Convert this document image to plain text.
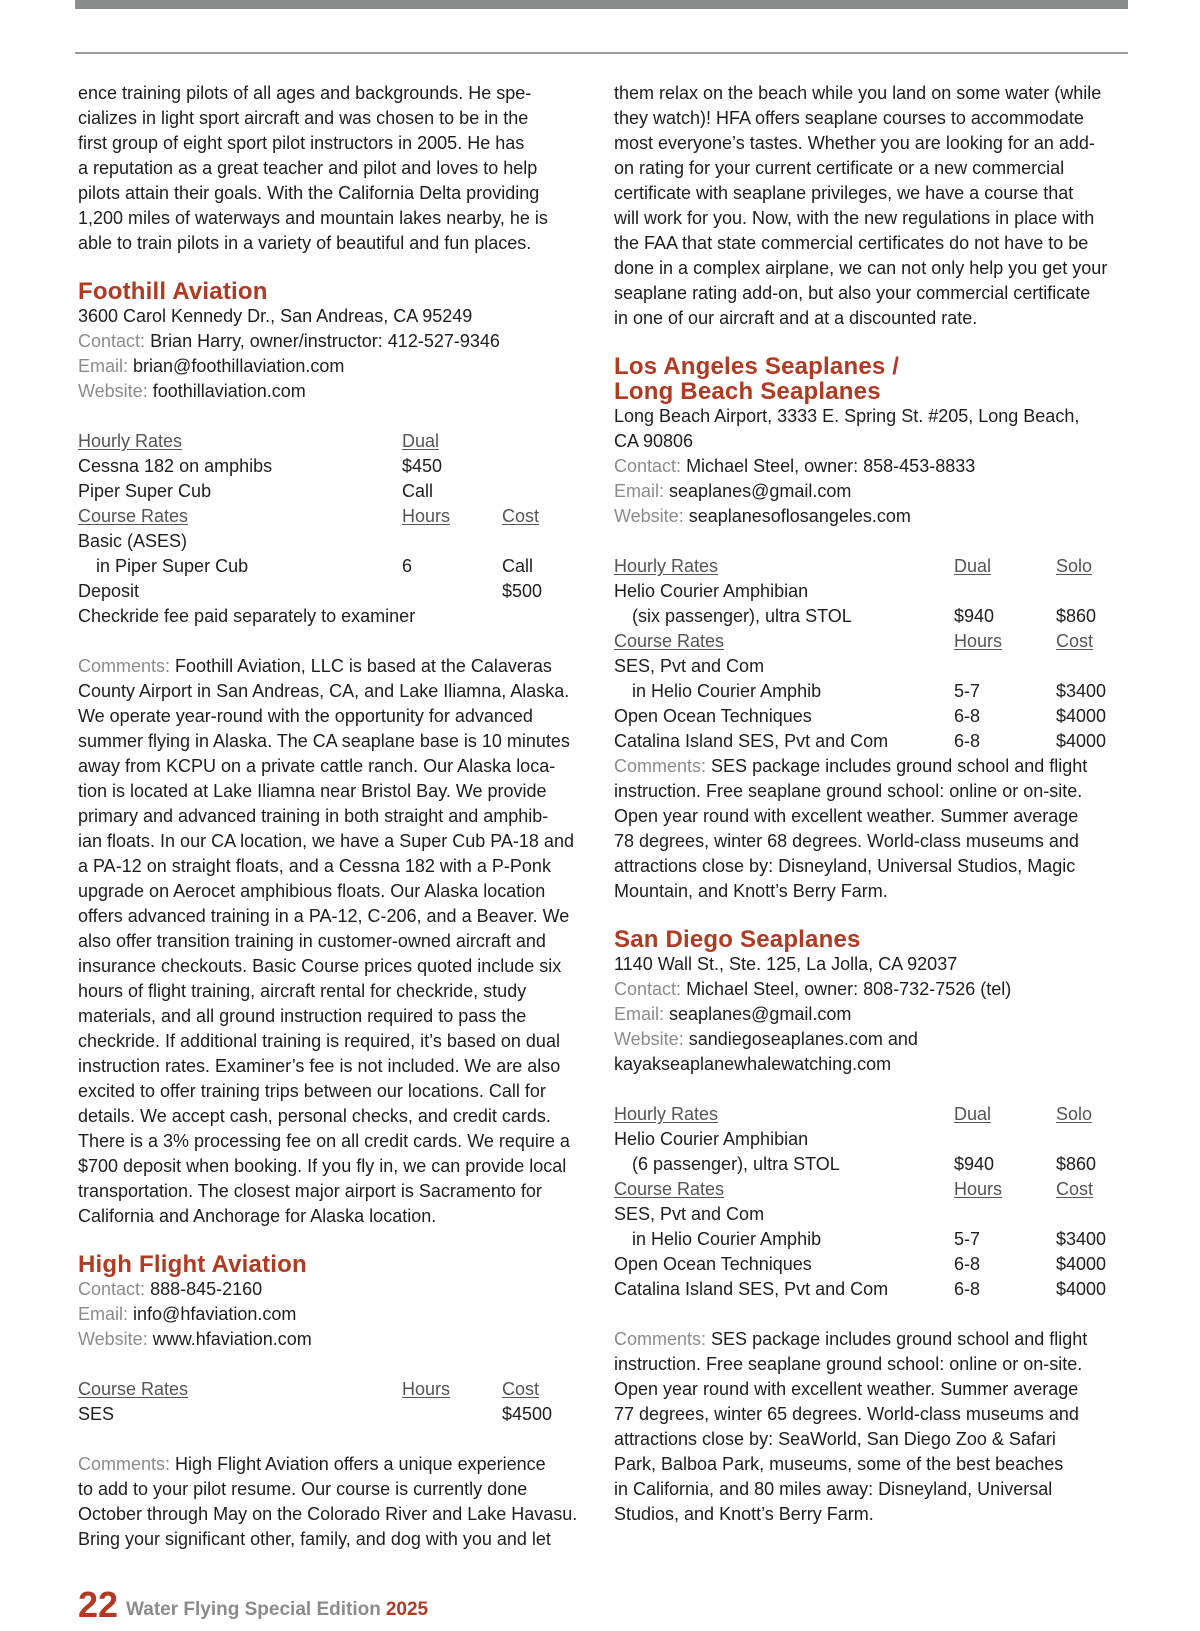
ence training pilots of all ages and backgrounds. He spe-

cializes in light sport aircraft and was chosen to be in the

first group of eight sport pilot instructors in 2005. He has

a reputation as a great teacher and pilot and loves to help

pilots attain their goals. With the California Delta providing

1,200 miles of waterways and mountain lakes nearby, he is

able to train pilots in a variety of beautiful and fun places.

Foothill Aviation

3600 Carol Kennedy Dr., San Andreas, CA 95249

Contact: Brian Harry, owner/instructor: 412-527-9346

Email: brian@foothillaviation.com

Website: foothillaviation.com

Hourly Rates	Dual
Cessna 182 on amphibs	$450
Piper Super Cub	Call
Course Rates	Hours	Cost
Basic (ASES)
in Piper Super Cub	6	Call
Deposit	$500
Checkride fee paid separately to examiner

Comments: Foothill Aviation, LLC is based at the Calaveras

County Airport in San Andreas, CA, and Lake Iliamna, Alaska.

We operate year-round with the opportunity for advanced

summer flying in Alaska. The CA seaplane base is 10 minutes

away from KCPU on a private cattle ranch. Our Alaska loca-

tion is located at Lake Iliamna near Bristol Bay. We provide

primary and advanced training in both straight and amphib-

ian floats. In our CA location, we have a Super Cub PA-18 and

a PA-12 on straight floats, and a Cessna 182 with a P-Ponk

upgrade on Aerocet amphibious floats. Our Alaska location

offers advanced training in a PA-12, C-206, and a Beaver. We

also offer transition training in customer-owned aircraft and

insurance checkouts. Basic Course prices quoted include six

hours of flight training, aircraft rental for checkride, study

materials, and all ground instruction required to pass the

checkride. If additional training is required, it’s based on dual

instruction rates. Examiner’s fee is not included. We are also

excited to offer training trips between our locations. Call for

details. We accept cash, personal checks, and credit cards.

There is a 3% processing fee on all credit cards. We require a

$700 deposit when booking. If you fly in, we can provide local

transportation. The closest major airport is Sacramento for

California and Anchorage for Alaska location.

High Flight Aviation

Contact: 888-845-2160

Email: info@hfaviation.com

Website: www.hfaviation.com

Course Rates	Hours	Cost
SES	$4500

Comments: High Flight Aviation offers a unique experience

to add to your pilot resume. Our course is currently done

October through May on the Colorado River and Lake Havasu.

Bring your significant other, family, and dog with you and let

them relax on the beach while you land on some water (while

they watch)! HFA offers seaplane courses to accommodate

most everyone’s tastes. Whether you are looking for an add-

on rating for your current certificate or a new commercial

certificate with seaplane privileges, we have a course that

will work for you. Now, with the new regulations in place with

the FAA that state commercial certificates do not have to be

done in a complex airplane, we can not only help you get your

seaplane rating add-on, but also your commercial certificate

in one of our aircraft and at a discounted rate.

Los Angeles Seaplanes /
Long Beach Seaplanes

Long Beach Airport, 3333 E. Spring St. #205, Long Beach,

CA 90806

Contact: Michael Steel, owner: 858-453-8833

Email: seaplanes@gmail.com

Website: seaplanesoflosangeles.com

Hourly Rates	Dual	Solo
Helio Courier Amphibian
(six passenger), ultra STOL	$940	$860
Course Rates	Hours	Cost
SES, Pvt and Com
in Helio Courier Amphib	5-7	$3400
Open Ocean Techniques	6-8	$4000
Catalina Island SES, Pvt and Com	6-8	$4000

Comments: SES package includes ground school and flight

instruction. Free seaplane ground school: online or on-site.

Open year round with excellent weather. Summer average

78 degrees, winter 68 degrees. World-class museums and

attractions close by: Disneyland, Universal Studios, Magic

Mountain, and Knott’s Berry Farm.

San Diego Seaplanes

1140 Wall St., Ste. 125, La Jolla, CA 92037

Contact: Michael Steel, owner: 808-732-7526 (tel)

Email: seaplanes@gmail.com

Website: sandiegoseaplanes.com and

kayakseaplanewhalewatching.com

Hourly Rates	Dual	Solo
Helio Courier Amphibian
(6 passenger), ultra STOL	$940	$860
Course Rates	Hours	Cost
SES, Pvt and Com
in Helio Courier Amphib	5-7	$3400
Open Ocean Techniques	6-8	$4000
Catalina Island SES, Pvt and Com	6-8	$4000

Comments: SES package includes ground school and flight

instruction. Free seaplane ground school: online or on-site.

Open year round with excellent weather. Summer average

77 degrees, winter 65 degrees. World-class museums and

attractions close by: SeaWorld, San Diego Zoo & Safari

Park, Balboa Park, museums, some of the best beaches

in California, and 80 miles away: Disneyland, Universal

Studios, and Knott’s Berry Farm.

22 Water Flying Special Edition 2025
